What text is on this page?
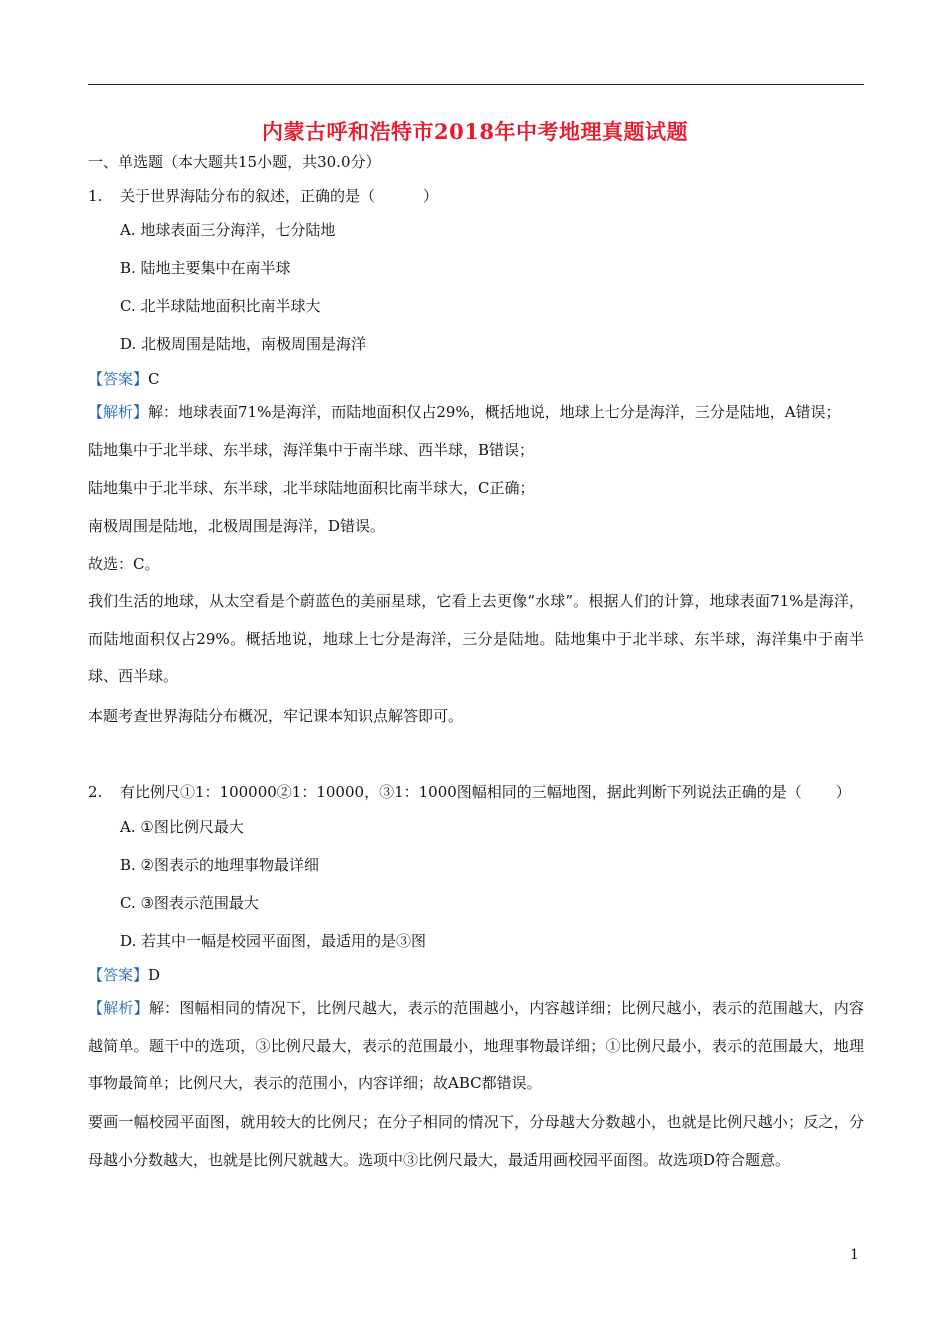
内蒙古呼和浩特市2018年中考地理真题试题
一、单选题（本大题共15小题，共30.0分）
1. 关于世界海陆分布的叙述，正确的是（	）
A. 地球表面三分海洋，七分陆地
B. 陆地主要集中在南半球
C. 北半球陆地面积比南半球大
D. 北极周围是陆地，南极周围是海洋
【答案】C
【解析】解：地球表面71%是海洋，而陆地面积仅占29%，概括地说，地球上七分是海洋，三分是陆地，A错误；
陆地集中于北半球、东半球，海洋集中于南半球、西半球，B错误；
陆地集中于北半球、东半球，北半球陆地面积比南半球大，C正确；
南极周围是陆地，北极周围是海洋，D错误。
故选：C。
我们生活的地球，从太空看是个蔚蓝色的美丽星球，它看上去更像“水球”。根据人们的计算，地球表面71%是海洋，而陆地面积仅占29%。概括地说，地球上七分是海洋，三分是陆地。陆地集中于北半球、东半球，海洋集中于南半球、西半球。
本题考查世界海陆分布概况，牢记课本知识点解答即可。
2. 有比例尺①1：100000②1：10000，③1：1000图幅相同的三幅地图，据此判断下列说法正确的是（ ）
A. ①图比例尺最大
B. ②图表示的地理事物最详细
C. ③图表示范围最大
D. 若其中一幅是校园平面图，最适用的是③图
【答案】D
【解析】解：图幅相同的情况下，比例尺越大，表示的范围越小，内容越详细；比例尺越小，表示的范围越大，内容越简单。题干中的选项，③比例尺最大，表示的范围最小，地理事物最详细；①比例尺最小，表示的范围最大，地理事物最简单；比例尺大，表示的范围小，内容详细；故ABC都错误。
要画一幅校园平面图，就用较大的比例尺；在分子相同的情况下，分母越大分数越小，也就是比例尺越小；反之，分母越小分数越大，也就是比例尺就越大。选项中③比例尺最大，最适用画校园平面图。故选项D符合题意。
1
